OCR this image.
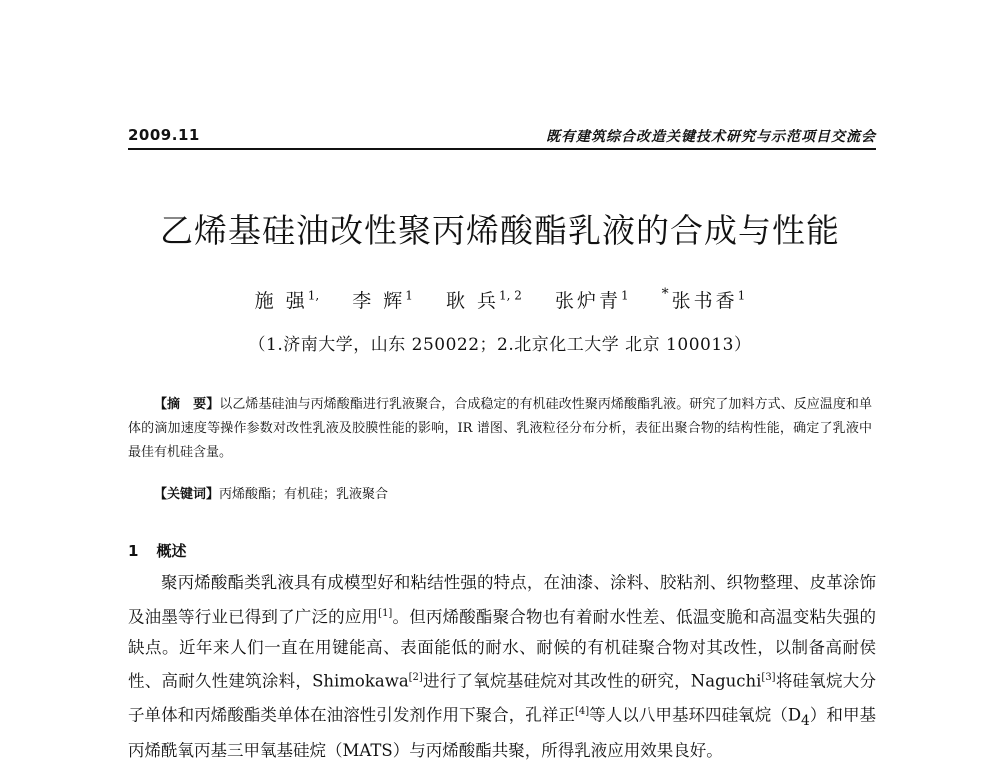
2009.11	既有建筑综合改造关键技术研究与示范项目交流会
乙烯基硅油改性聚丙烯酸酯乳液的合成与性能
施 强$^{1,}$ 李 辉$^1$ 耿 兵$^{1, 2}$ 张炉青$^1$ *张书香$^1$
（1.济南大学，山东 250022；2.北京化工大学 北京 100013）

【摘　要】以乙烯基硅油与丙烯酸酯进行乳液聚合，合成稳定的有机硅改性聚丙烯酸酯乳液。研究了加料方式、反应温度和单体的滴加速度等操作参数对改性乳液及胶膜性能的影响，IR 谱图、乳液粒径分布分析，表征出聚合物的结构性能，确定了乳液中最佳有机硅含量。

【关键词】丙烯酸酯；有机硅；乳液聚合
1 概述

聚丙烯酸酯类乳液具有成模型好和粘结性强的特点，在油漆、涂料、胶粘剂、织物整理、皮革涂饰及油墨等行业已得到了广泛的应用[1]。但丙烯酸酯聚合物也有着耐水性差、低温变脆和高温变粘失强的缺点。近年来人们一直在用键能高、表面能低的耐水、耐候的有机硅聚合物对其改性，以制备高耐侯性、高耐久性建筑涂料，Shimokawa[2]进行了氧烷基硅烷对其改性的研究，Naguchi[3]将硅氧烷大分子单体和丙烯酸酯类单体在油溶性引发剂作用下聚合，孔祥正[4]等人以八甲基环四硅氧烷$(D_4)$和甲基丙烯酰氧丙基三甲氧基硅烷（MATS）与丙烯酸酯共聚，所得乳液应用效果良好。
